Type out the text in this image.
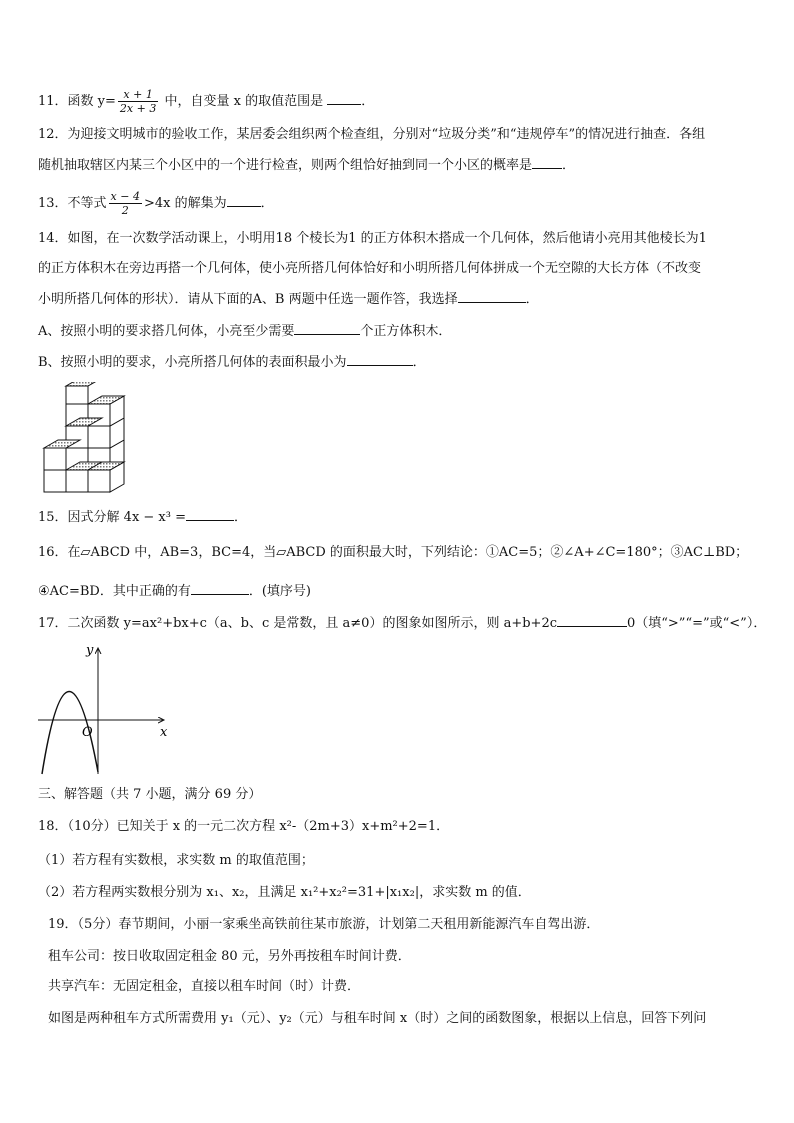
11．函数 $y= \frac{x + 1}{2x + 3}$ 中，自变量 x 的取值范围是	．
12．为迎接文明城市的验收工作，某居委会组织两个检查组，分别对“垃圾分类”和“违规停车”的情况进行抽查．各组
随机抽取辖区内某三个小区中的一个进行检查，则两个组恰好抽到同一个小区的概率是 ．
13．不等式 $\frac{x - 4}{2} >4x$ 的解集为	．
14．如图，在一次数学活动课上，小明用18 个棱长为1 的正方体积木搭成一个几何体，然后他请小亮用其他棱长为1
的正方体积木在旁边再搭一个几何体，使小亮所搭几何体恰好和小明所搭几何体拼成一个无空隙的大长方体（不改变
小明所搭几何体的形状）．请从下面的A、B 两题中任选一题作答，我选择	．
A、按照小明的要求搭几何体，小亮至少需要	个正方体积木．
B、按照小明的要求，小亮所搭几何体的表面积最小为	．
15．因式分解 4x − x³ =	．
16．在▱ABCD 中，AB=3，BC=4，当▱ABCD 的面积最大时，下列结论：①AC=5；②∠A+∠C=180°；③AC⊥BD；
④AC=BD．其中正确的有	．(填序号)
17．二次函数 y=ax²+bx+c（a、b、c 是常数，且 a≠0）的图象如图所示，则 a+b+2c	0（填“>”“=”或“<”）．
y
x
O
三、解答题（共 7 小题，满分 69 分）
18．（10分）已知关于 x 的一元二次方程 x²-（2m+3）x+m²+2=1．
（1）若方程有实数根，求实数 m 的取值范围；
（2）若方程两实数根分别为 x₁、x₂，且满足 x₁²+x₂²=31+|x₁x₂|，求实数 m 的值．
19．（5分）春节期间，小丽一家乘坐高铁前往某市旅游，计划第二天租用新能源汽车自驾出游．
租车公司：按日收取固定租金 80 元，另外再按租车时间计费．
共享汽车：无固定租金，直接以租车时间（时）计费．
如图是两种租车方式所需费用 y₁（元）、y₂（元）与租车时间 x（时）之间的函数图象，根据以上信息，回答下列问
